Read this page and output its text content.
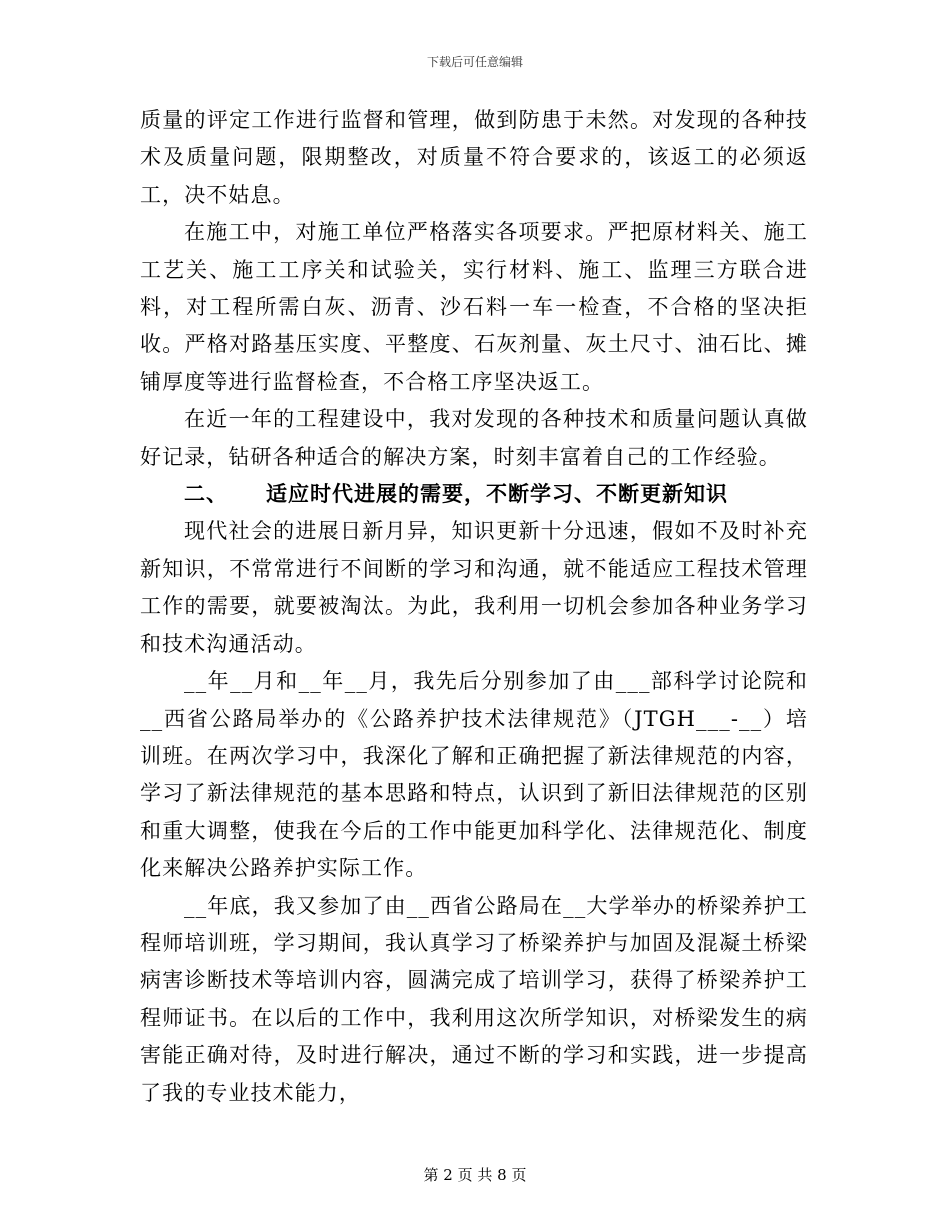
下载后可任意编辑

质量的评定工作进行监督和管理，做到防患于未然。对发现的各种技术及质量问题，限期整改，对质量不符合要求的，该返工的必须返工，决不姑息。

在施工中，对施工单位严格落实各项要求。严把原材料关、施工工艺关、施工工序关和试验关，实行材料、施工、监理三方联合进料，对工程所需白灰、沥青、沙石料一车一检查，不合格的坚决拒收。严格对路基压实度、平整度、石灰剂量、灰土尺寸、油石比、摊铺厚度等进行监督检查，不合格工序坚决返工。

在近一年的工程建设中，我对发现的各种技术和质量问题认真做好记录，钻研各种适合的解决方案，时刻丰富着自己的工作经验。

二、 适应时代进展的需要，不断学习、不断更新知识

现代社会的进展日新月异，知识更新十分迅速，假如不及时补充新知识，不常常进行不间断的学习和沟通，就不能适应工程技术管理工作的需要，就要被淘汰。为此，我利用一切机会参加各种业务学习和技术沟通活动。

__年__月和__年__月，我先后分别参加了由___部科学讨论院和__西省公路局举办的《公路养护技术法律规范》（JTGH___-__）培训班。在两次学习中，我深化了解和正确把握了新法律规范的内容，学习了新法律规范的基本思路和特点，认识到了新旧法律规范的区别和重大调整，使我在今后的工作中能更加科学化、法律规范化、制度化来解决公路养护实际工作。

__年底，我又参加了由__西省公路局在__大学举办的桥梁养护工程师培训班，学习期间，我认真学习了桥梁养护与加固及混凝土桥梁病害诊断技术等培训内容，圆满完成了培训学习，获得了桥梁养护工程师证书。在以后的工作中，我利用这次所学知识，对桥梁发生的病害能正确对待，及时进行解决，通过不断的学习和实践，进一步提高了我的专业技术能力，

第 2 页 共 8 页
